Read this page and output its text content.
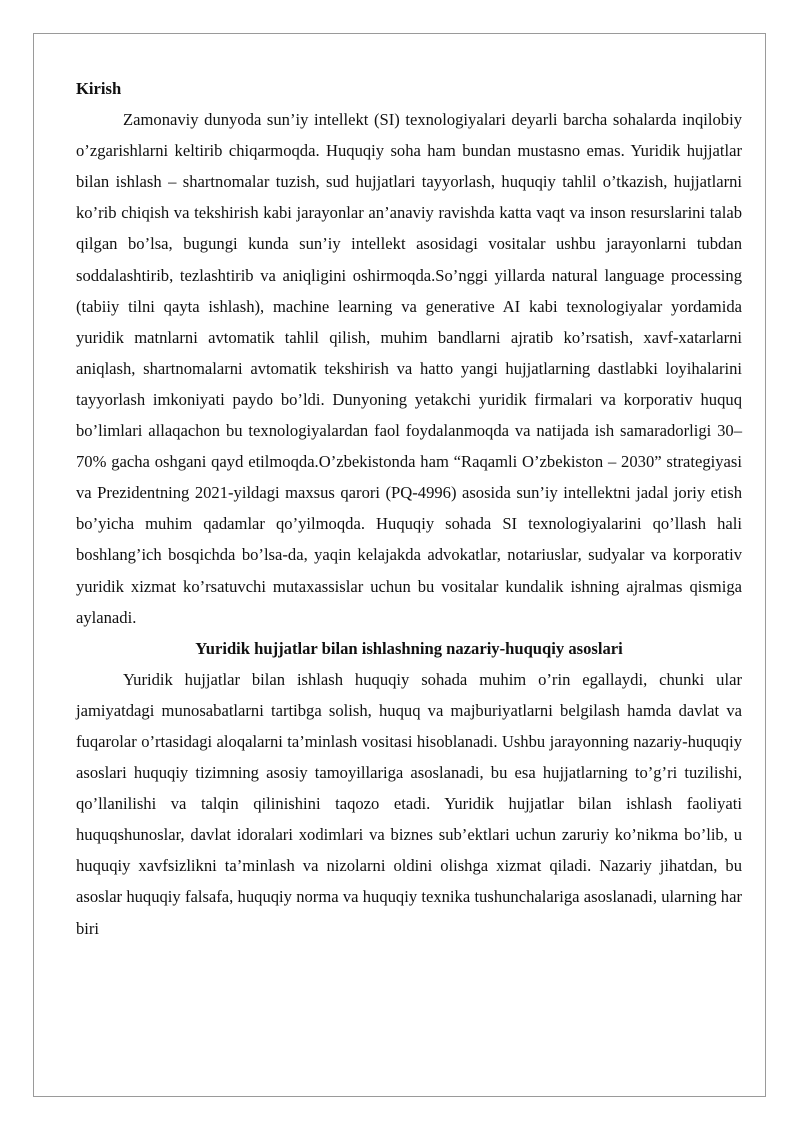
Kirish

Zamonaviy dunyoda sun’iy intellekt (SI) texnologiyalari deyarli barcha sohalarda inqilobiy o’zgarishlarni keltirib chiqarmoqda. Huquqiy soha ham bundan mustasno emas. Yuridik hujjatlar bilan ishlash – shartnomalar tuzish, sud hujjatlari tayyorlash, huquqiy tahlil o’tkazish, hujjatlarni ko’rib chiqish va tekshirish kabi jarayonlar an’anaviy ravishda katta vaqt va inson resurslarini talab qilgan bo’lsa, bugungi kunda sun’iy intellekt asosidagi vositalar ushbu jarayonlarni tubdan soddalashtirib, tezlashtirib va aniqligini oshirmoqda.So’nggi yillarda natural language processing (tabiiy tilni qayta ishlash), machine learning va generative AI kabi texnologiyalar yordamida yuridik matnlarni avtomatik tahlil qilish, muhim bandlarni ajratib ko’rsatish, xavf-xatarlarni aniqlash, shartnomalarni avtomatik tekshirish va hatto yangi hujjatlarning dastlabki loyihalarini tayyorlash imkoniyati paydo bo’ldi. Dunyoning yetakchi yuridik firmalari va korporativ huquq bo’limlari allaqachon bu texnologiyalardan faol foydalanmoqda va natijada ish samaradorligi 30–70% gacha oshgani qayd etilmoqda.O’zbekistonda ham “Raqamli O’zbekiston – 2030” strategiyasi va Prezidentning 2021-yildagi maxsus qarori (PQ-4996) asosida sun’iy intellektni jadal joriy etish bo’yicha muhim qadamlar qo’yilmoqda. Huquqiy sohada SI texnologiyalarini qo’llash hali boshlang’ich bosqichda bo’lsa-da, yaqin kelajakda advokatlar, notariuslar, sudyalar va korporativ yuridik xizmat ko’rsatuvchi mutaxassislar uchun bu vositalar kundalik ishning ajralmas qismiga aylanadi.

Yuridik hujjatlar bilan ishlashning nazariy-huquqiy asoslari

Yuridik hujjatlar bilan ishlash huquqiy sohada muhim o’rin egallaydi, chunki ular jamiyatdagi munosabatlarni tartibga solish, huquq va majburiyatlarni belgilash hamda davlat va fuqarolar o’rtasidagi aloqalarni ta’minlash vositasi hisoblanadi. Ushbu jarayonning nazariy-huquqiy asoslari huquqiy tizimning asosiy tamoyillariga asoslanadi, bu esa hujjatlarning to’g’ri tuzilishi, qo’llanilishi va talqin qilinishini taqozo etadi. Yuridik hujjatlar bilan ishlash faoliyati huquqshunoslar, davlat idoralari xodimlari va biznes sub’ektlari uchun zaruriy ko’nikma bo’lib, u huquqiy xavfsizlikni ta’minlash va nizolarni oldini olishga xizmat qiladi. Nazariy jihatdan, bu asoslar huquqiy falsafa, huquqiy norma va huquqiy texnika tushunchalariga asoslanadi, ularning har biri
